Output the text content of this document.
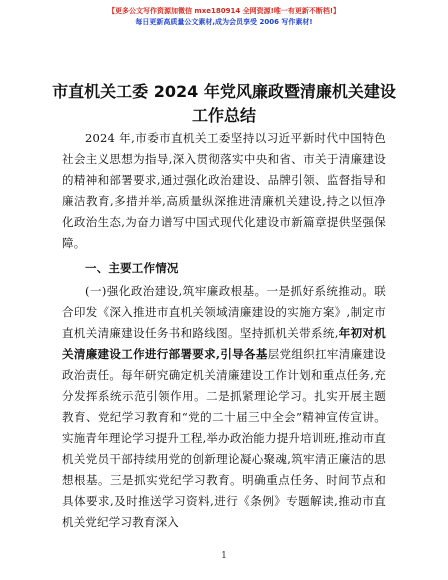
【更多公文写作资源加微信 mxe180914 全网资源!唯一有更新不断档!】
每日更新高质量公文素材,成为会员享受 2006 写作素材!
市直机关工委 2024 年党风廉政暨清廉机关建设
工作总结

2024 年,市委市直机关工委坚持以习近平新时代中国特色社会主义思想为指导,深入贯彻落实中央和省、市关于清廉建设的精神和部署要求,通过强化政治建设、品牌引领、监督指导和廉洁教育,多措并举,高质量纵深推进清廉机关建设,持之以恒净化政治生态,为奋力谱写中国式现代化建设市新篇章提供坚强保障。

一、主要工作情况

(一)强化政治建设,筑牢廉政根基。一是抓好系统推动。联合印发《深入推进市直机关领域清廉建设的实施方案》,制定市直机关清廉建设任务书和路线图。坚持抓机关带系统,年初对机关清廉建设工作进行部署要求,引导各基层党组织扛牢清廉建设政治责任。每年研究确定机关清廉建设工作计划和重点任务,充分发挥系统示范引领作用。二是抓紧理论学习。扎实开展主题教育、党纪学习教育和“党的二十届三中全会”精神宣传宣讲。实施青年理论学习提升工程,举办政治能力提升培训班,推动市直机关党员干部持续用党的创新理论凝心聚魂,筑牢清正廉洁的思想根基。三是抓实党纪学习教育。明确重点任务、时间节点和具体要求,及时推送学习资料,进行《条例》专题解读,推动市直机关党纪学习教育深入

1
